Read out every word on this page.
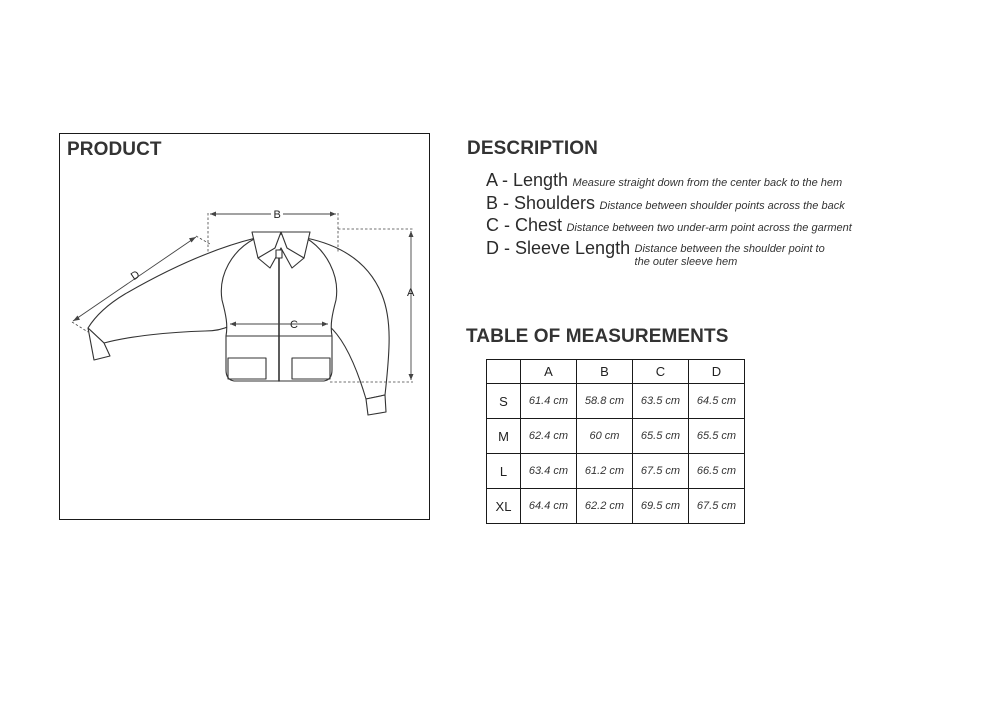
PRODUCT
B
A
C
D
DESCRIPTION
A - Length Measure straight down from the center back to the hem
B - Shoulders Distance between shoulder points across the back
C - Chest Distance between two under-arm point across the garment
D - Sleeve Length Distance between the shoulder point to the outer sleeve hem
TABLE OF MEASUREMENTS
	A	B	C	D
S	61.4 cm	58.8 cm	63.5 cm	64.5 cm
M	62.4 cm	60 cm	65.5 cm	65.5 cm
L	63.4 cm	61.2 cm	67.5 cm	66.5 cm
XL	64.4 cm	62.2 cm	69.5 cm	67.5 cm
